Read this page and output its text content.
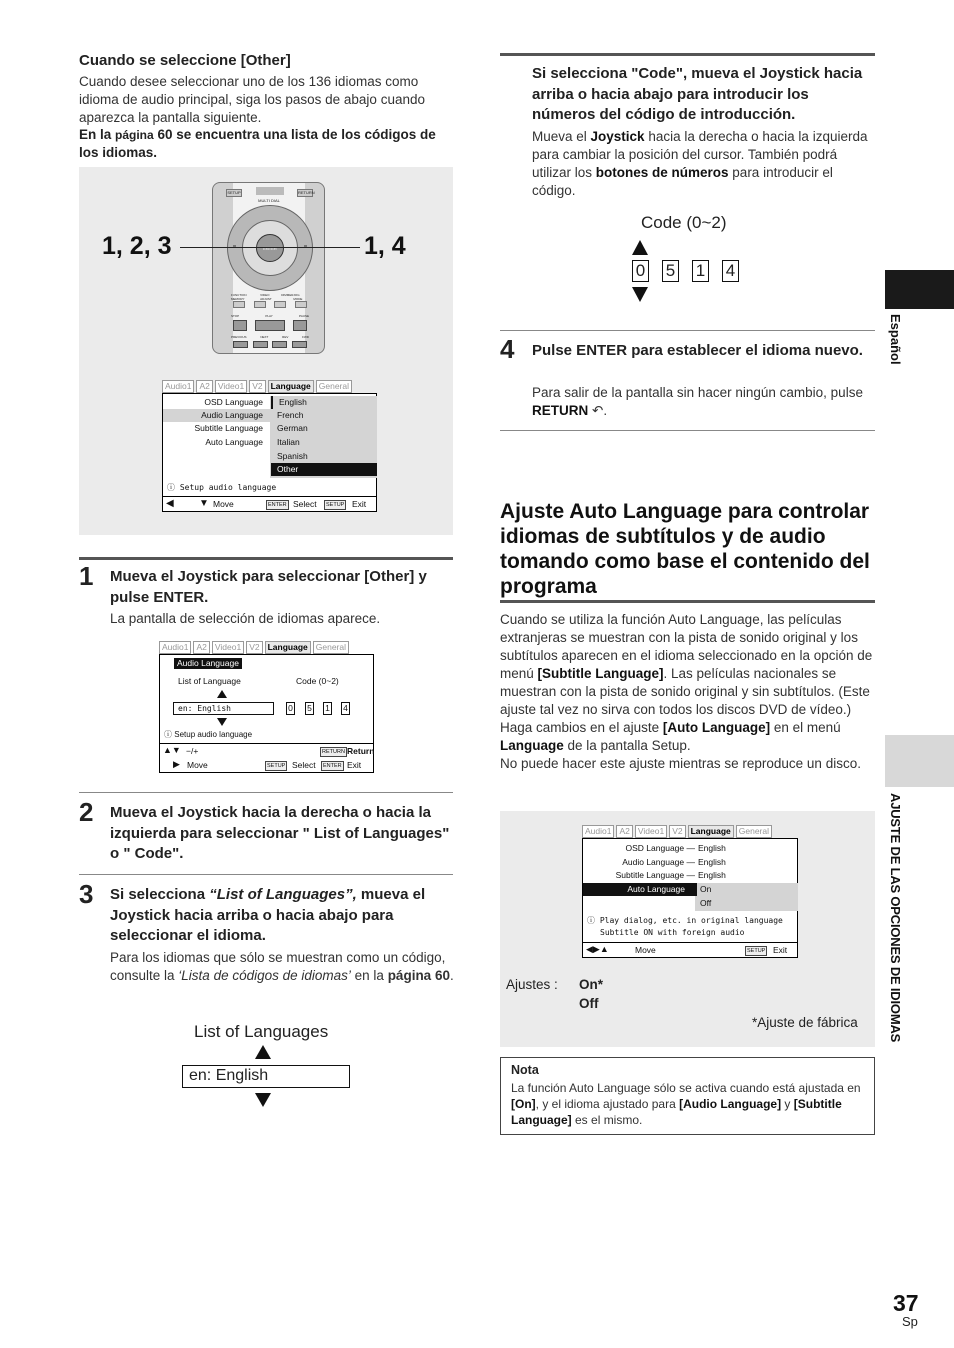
Cuando se seleccione [Other]
Cuando desee seleccionar uno de los 136 idiomas como idioma de audio principal, siga los pasos de abajo cuando aparezca la pantalla siguiente.
En la página 60 se encuentra una lista de los códigos de los idiomas.
SETUP	RETURN
MULTI DIAL
ENTER
FUNCTION MEMORY
VIDEO ADJUST
DIMMER JOG MODE
STOP	PLAY	PAUSE
PREVIOUS	NEXT	REV	FWD
1, 2, 3	1, 4
Audio1 A2 Video1 V2 Language General
OSD Language
Audio Language
Subtitle Language
Auto Language
English
French
German
Italian
Spanish
Other
ⓘ Setup audio language
◀	▼ Move	ENTER Select	SETUP Exit
1 Mueva el Joystick para seleccionar [Other] y pulse ENTER.
La pantalla de selección de idiomas aparece.
Audio1 A2 Video1 V2 Language General
Audio Language
List of Language	Code (0~2)
en: English	0 5 1 4
ⓘ Setup audio language
▲▼ −/+	RETURN Return
▶ Move	SETUP Select	ENTER Exit
2 Mueva el Joystick hacia la derecha o hacia la izquierda para seleccionar " List of Languages" o " Code".
3 Si selecciona “List of Languages”, mueva el Joystick hacia arriba o hacia abajo para seleccionar el idioma.
Para los idiomas que sólo se muestran como un código, consulte la ‘Lista de códigos de idiomas’ en la página 60.
List of Languages
en: English
Si selecciona "Code", mueva el Joystick hacia arriba o hacia abajo para introducir los números del código de introducción.
Mueva el Joystick hacia la derecha o hacia la izquierda para cambiar la posición del cursor. También podrá utilizar los botones de números para introducir el código.
Code (0~2)
0 5 1 4
4 Pulse ENTER para establecer el idioma nuevo.
Para salir de la pantalla sin hacer ningún cambio, pulse RETURN ↶.
Ajuste Auto Language para controlar idiomas de subtítulos y de audio tomando como base el contenido del programa
Cuando se utiliza la función Auto Language, las películas extranjeras se muestran con la pista de sonido original y los subtítulos aparecen en el idioma seleccionado en la opción de menú [Subtitle Language]. Las películas nacionales se muestran con la pista de sonido original y sin subtítulos. (Este ajuste tal vez no sirva con todos los discos DVD de vídeo.) Haga cambios en el ajuste [Auto Language] en el menú Language de la pantalla Setup.
No puede hacer este ajuste mientras se reproduce un disco.
Audio1 A2 Video1 V2 Language General
OSD Language — English
Audio Language — English
Subtitle Language — English
Auto Language	On
Off
ⓘ Play dialog, etc. in original language
Subtitle ON with foreign audio
◀▶▲	Move	SETUP Exit
Ajustes : On*
Off
*Ajuste de fábrica
Nota
La función Auto Language sólo se activa cuando está ajustada en [On], y el idioma ajustado para [Audio Language] y [Subtitle Language] es el mismo.
Español
AJUSTE DE LAS OPCIONES DE IDIOMAS
37
Sp
